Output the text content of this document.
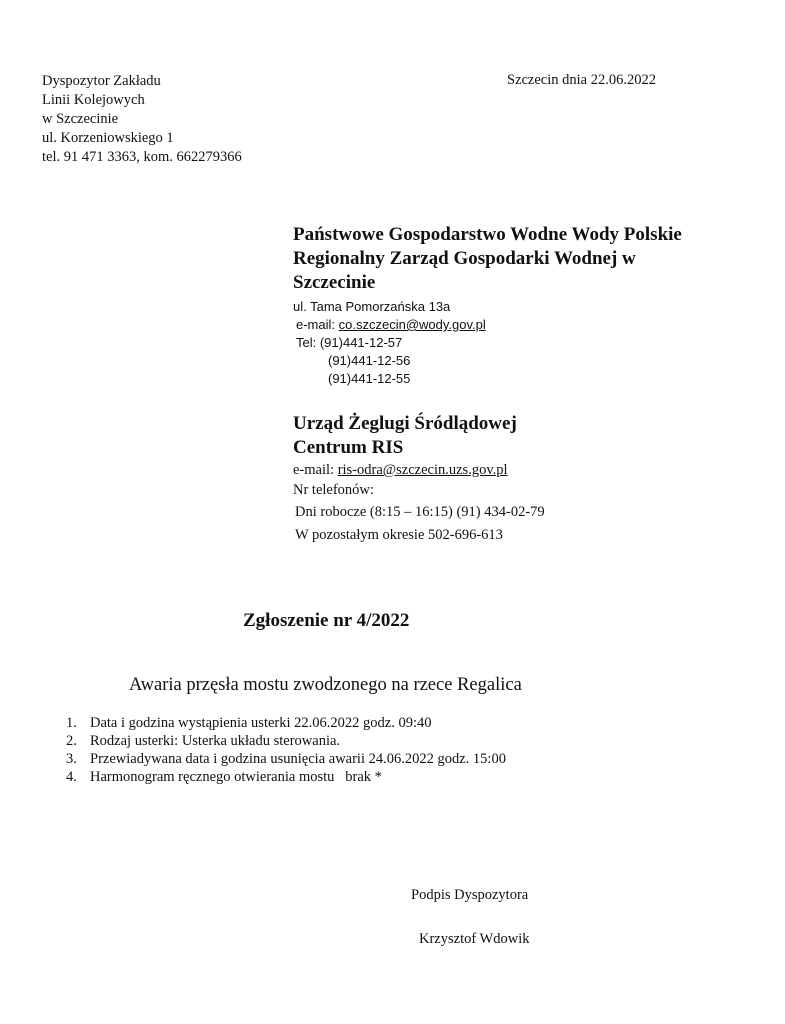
Dyspozytor Zakładu
Linii Kolejowych
w Szczecinie
ul. Korzeniowskiego 1
tel. 91 471 3363, kom. 662279366
Szczecin dnia 22.06.2022
Państwowe Gospodarstwo Wodne Wody Polskie
Regionalny Zarząd Gospodarki Wodnej w
Szczecinie
ul. Tama Pomorzańska 13a
e-mail: co.szczecin@wody.gov.pl
Tel: (91)441-12-57
(91)441-12-56
(91)441-12-55
Urząd Żeglugi Śródlądowej
Centrum RIS
e-mail: ris-odra@szczecin.uzs.gov.pl
Nr telefonów:
Dni robocze (8:15 – 16:15) (91) 434-02-79
W pozostałym okresie 502-696-613
Zgłoszenie nr 4/2022
Awaria przęsła mostu zwodzonego na rzece Regalica
1. Data i godzina wystąpienia usterki 22.06.2022 godz. 09:40
2. Rodzaj usterki: Usterka układu sterowania.
3. Przewiadywana data i godzina usunięcia awarii 24.06.2022 godz. 15:00
4. Harmonogram ręcznego otwierania mostu   brak *
Podpis Dyspozytora
Krzysztof Wdowik
